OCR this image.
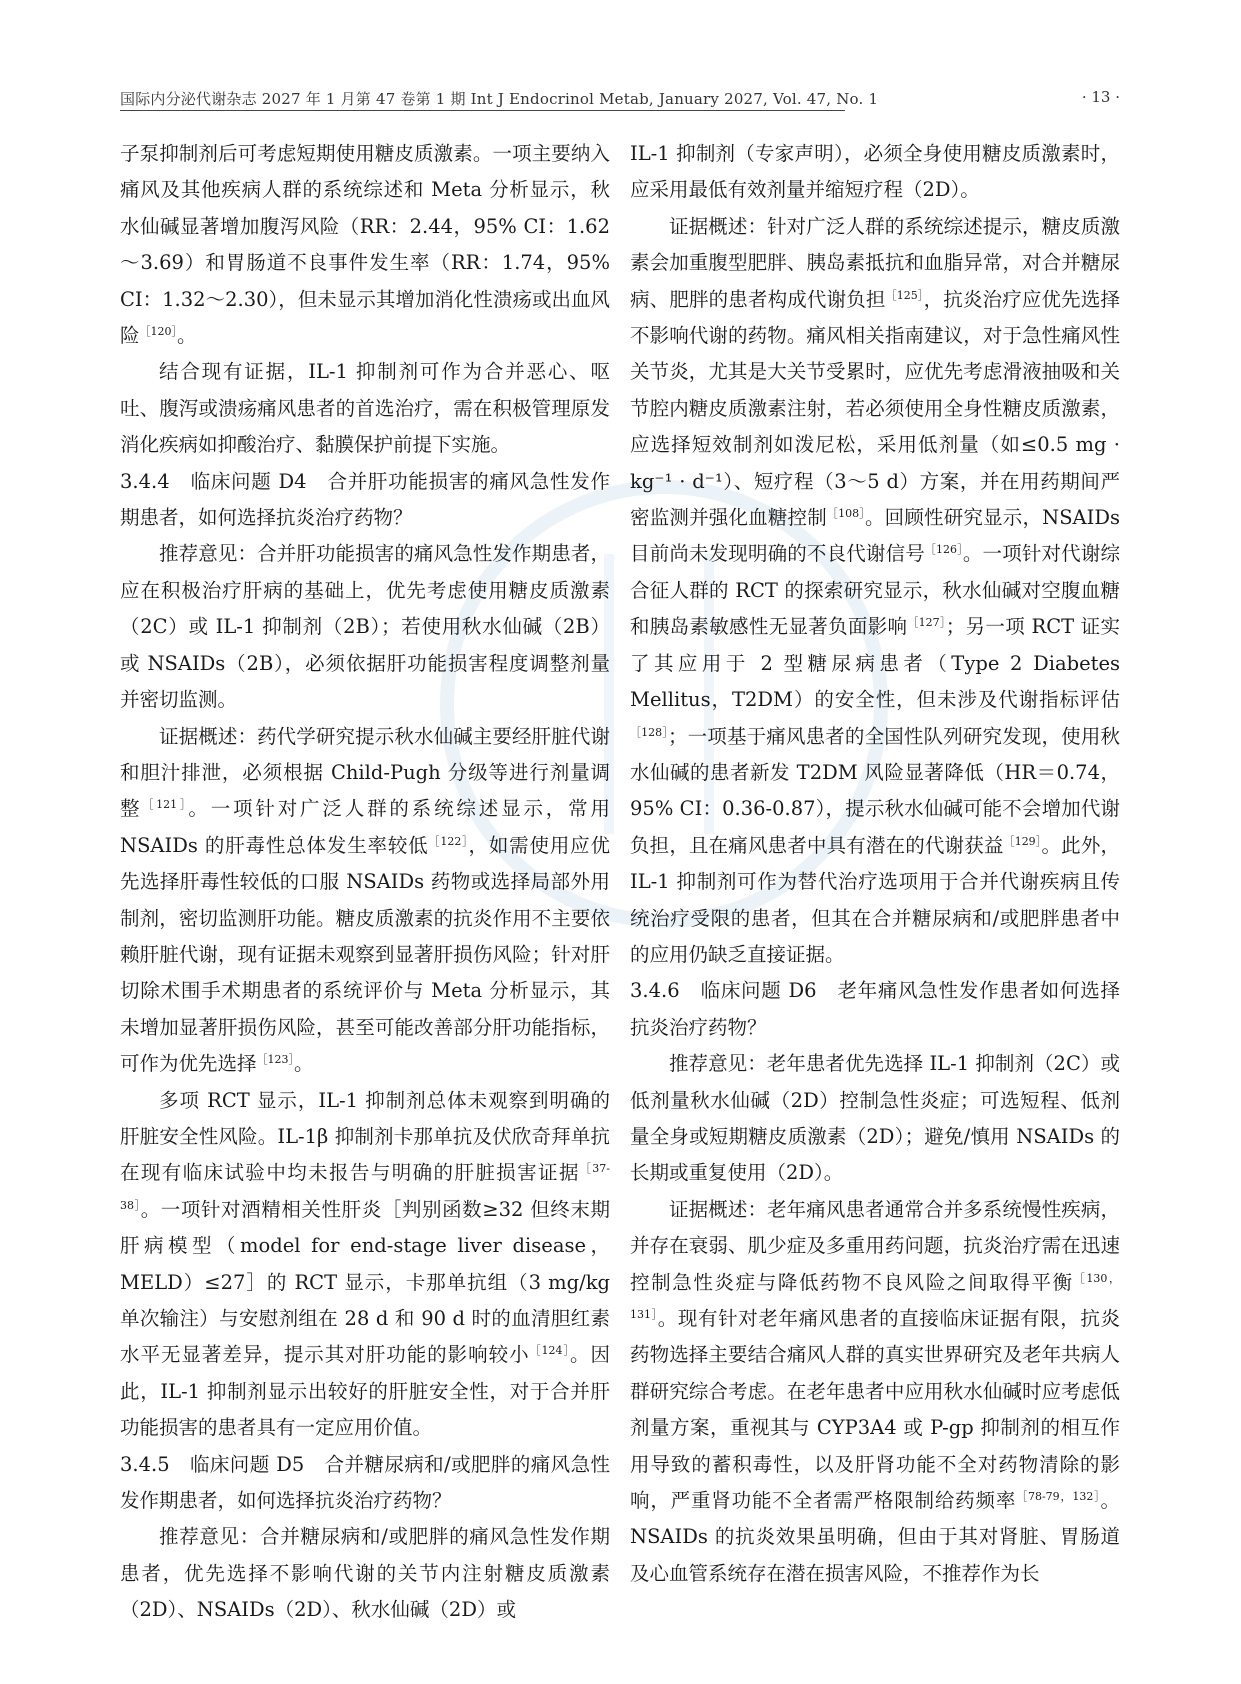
国际内分泌代谢杂志 2027 年 1 月第 47 卷第 1 期 Int J Endocrinol Metab, January 2027, Vol. 47, No. 1	· 13 ·

子泵抑制剂后可考虑短期使用糖皮质激素。一项主要纳入痛风及其他疾病人群的系统综述和 Meta 分析显示，秋水仙碱显著增加腹泻风险（RR：2.44，95% CI：1.62～3.69）和胃肠道不良事件发生率（RR：1.74，95% CI：1.32～2.30），但未显示其增加消化性溃疡或出血风险$^{[120]}$。

结合现有证据，IL-1 抑制剂可作为合并恶心、呕吐、腹泻或溃疡痛风患者的首选治疗，需在积极管理原发消化疾病如抑酸治疗、黏膜保护前提下实施。

3.4.4　临床问题 D4　合并肝功能损害的痛风急性发作期患者，如何选择抗炎治疗药物？

推荐意见：合并肝功能损害的痛风急性发作期患者，应在积极治疗肝病的基础上，优先考虑使用糖皮质激素（2C）或 IL-1 抑制剂（2B）；若使用秋水仙碱（2B）或 NSAIDs（2B），必须依据肝功能损害程度调整剂量并密切监测。

证据概述：药代学研究提示秋水仙碱主要经肝脏代谢和胆汁排泄，必须根据 Child-Pugh 分级等进行剂量调整$^{[121]}$。一项针对广泛人群的系统综述显示，常用 NSAIDs 的肝毒性总体发生率较低$^{[122]}$，如需使用应优先选择肝毒性较低的口服 NSAIDs 药物或选择局部外用制剂，密切监测肝功能。糖皮质激素的抗炎作用不主要依赖肝脏代谢，现有证据未观察到显著肝损伤风险；针对肝切除术围手术期患者的系统评价与 Meta 分析显示，其未增加显著肝损伤风险，甚至可能改善部分肝功能指标，可作为优先选择$^{[123]}$。

多项 RCT 显示，IL-1 抑制剂总体未观察到明确的肝脏安全性风险。IL-1β 抑制剂卡那单抗及伏欣奇拜单抗在现有临床试验中均未报告与明确的肝脏损害证据$^{[37-38]}$。一项针对酒精相关性肝炎［判别函数≥32 但终末期肝病模型（model for end-stage liver disease，MELD）≤27］的 RCT 显示，卡那单抗组（3 mg/kg 单次输注）与安慰剂组在 28 d 和 90 d 时的血清胆红素水平无显著差异，提示其对肝功能的影响较小$^{[124]}$。因此，IL-1 抑制剂显示出较好的肝脏安全性，对于合并肝功能损害的患者具有一定应用价值。

3.4.5　临床问题 D5　合并糖尿病和/或肥胖的痛风急性发作期患者，如何选择抗炎治疗药物？

推荐意见：合并糖尿病和/或肥胖的痛风急性发作期患者，优先选择不影响代谢的关节内注射糖皮质激素（2D）、NSAIDs（2D）、秋水仙碱（2D）或

IL-1 抑制剂（专家声明），必须全身使用糖皮质激素时，应采用最低有效剂量并缩短疗程（2D）。

证据概述：针对广泛人群的系统综述提示，糖皮质激素会加重腹型肥胖、胰岛素抵抗和血脂异常，对合并糖尿病、肥胖的患者构成代谢负担$^{[125]}$，抗炎治疗应优先选择不影响代谢的药物。痛风相关指南建议，对于急性痛风性关节炎，尤其是大关节受累时，应优先考虑滑液抽吸和关节腔内糖皮质激素注射，若必须使用全身性糖皮质激素，应选择短效制剂如泼尼松，采用低剂量（如≤0.5 mg · kg⁻¹ · d⁻¹）、短疗程（3～5 d）方案，并在用药期间严密监测并强化血糖控制$^{[108]}$。回顾性研究显示，NSAIDs 目前尚未发现明确的不良代谢信号$^{[126]}$。一项针对代谢综合征人群的 RCT 的探索研究显示，秋水仙碱对空腹血糖和胰岛素敏感性无显著负面影响$^{[127]}$；另一项 RCT 证实了其应用于 2 型糖尿病患者（Type 2 Diabetes Mellitus，T2DM）的安全性，但未涉及代谢指标评估$^{[128]}$；一项基于痛风患者的全国性队列研究发现，使用秋水仙碱的患者新发 T2DM 风险显著降低（HR＝0.74，95% CI：0.36-0.87），提示秋水仙碱可能不会增加代谢负担，且在痛风患者中具有潜在的代谢获益$^{[129]}$。此外，IL-1 抑制剂可作为替代治疗选项用于合并代谢疾病且传统治疗受限的患者，但其在合并糖尿病和/或肥胖患者中的应用仍缺乏直接证据。

3.4.6　临床问题 D6　老年痛风急性发作患者如何选择抗炎治疗药物？

推荐意见：老年患者优先选择 IL-1 抑制剂（2C）或低剂量秋水仙碱（2D）控制急性炎症；可选短程、低剂量全身或短期糖皮质激素（2D）；避免/慎用 NSAIDs 的长期或重复使用（2D）。

证据概述：老年痛风患者通常合并多系统慢性疾病，并存在衰弱、肌少症及多重用药问题，抗炎治疗需在迅速控制急性炎症与降低药物不良风险之间取得平衡$^{[130,131]}$。现有针对老年痛风患者的直接临床证据有限，抗炎药物选择主要结合痛风人群的真实世界研究及老年共病人群研究综合考虑。在老年患者中应用秋水仙碱时应考虑低剂量方案，重视其与 CYP3A4 或 P-gp 抑制剂的相互作用导致的蓄积毒性，以及肝肾功能不全对药物清除的影响，严重肾功能不全者需严格限制给药频率$^{[78-79,132]}$。NSAIDs 的抗炎效果虽明确，但由于其对肾脏、胃肠道及心血管系统存在潜在损害风险，不推荐作为长
